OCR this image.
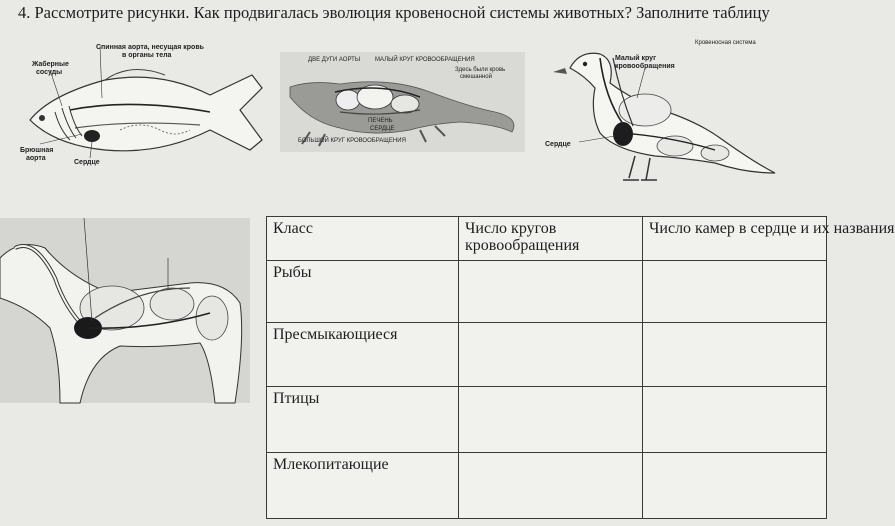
4. Рассмотрите рисунки. Как продвигалась эволюция кровеносной системы животных? Заполните таблицу
Спинная аорта, несущая кровь
в органы тела
Жаберные
сосуды
Брюшная
аорта
Сердце
ДВЕ ДУГИ АОРТЫ МАЛЫЙ КРУГ КРОВООБРАЩЕНИЯ
Здесь были кровь
смешанной
ПЕЧЕНЬ
СЕРДЦЕ
БОЛЬШОЙ КРУГ КРОВООБРАЩЕНИЯ
Кровеносная система
Малый круг
кровообращения
Сердце
Класс	Число кругов кровообращения	Число камер в сердце и их названия
Рыбы		
Пресмыкающиеся		
Птицы		
Млекопитающие		
